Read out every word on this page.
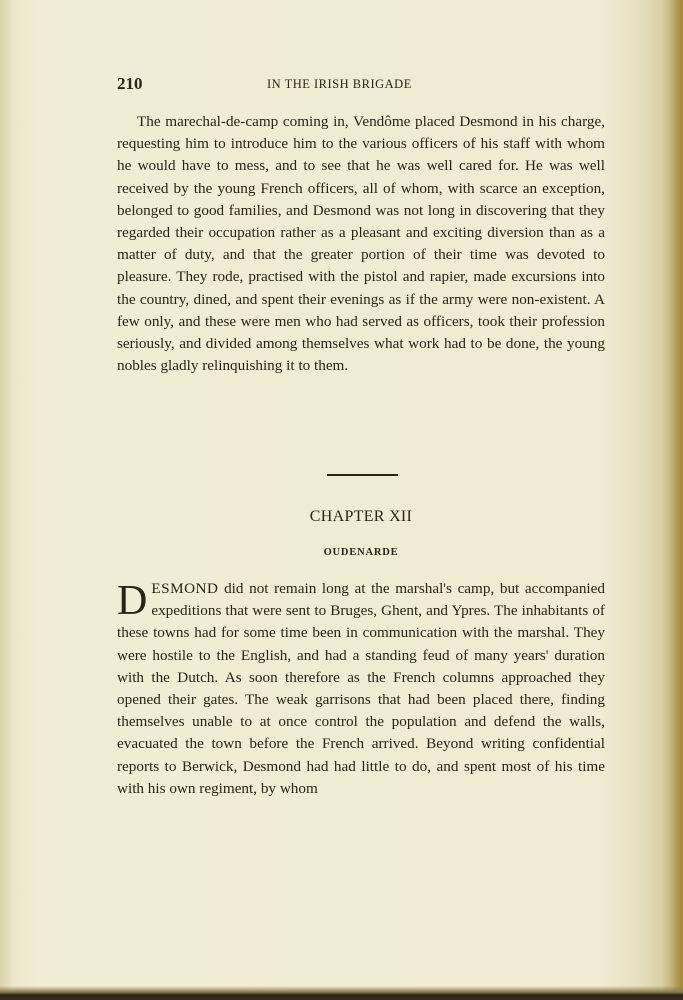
210	IN THE IRISH BRIGADE

The marechal-de-camp coming in, Vendôme placed Desmond in his charge, requesting him to introduce him to the various officers of his staff with whom he would have to mess, and to see that he was well cared for. He was well received by the young French officers, all of whom, with scarce an exception, belonged to good families, and Desmond was not long in discovering that they regarded their occupation rather as a pleasant and exciting diversion than as a matter of duty, and that the greater portion of their time was devoted to pleasure. They rode, practised with the pistol and rapier, made excursions into the country, dined, and spent their evenings as if the army were non-existent. A few only, and these were men who had served as officers, took their profession seriously, and divided among themselves what work had to be done, the young nobles gladly relinquishing it to them.

CHAPTER XII
OUDENARDE

DESMOND did not remain long at the marshal's camp, but accompanied expeditions that were sent to Bruges, Ghent, and Ypres. The inhabitants of these towns had for some time been in communication with the marshal. They were hostile to the English, and had a standing feud of many years' duration with the Dutch. As soon therefore as the French columns approached they opened their gates. The weak garrisons that had been placed there, finding themselves unable to at once control the population and defend the walls, evacuated the town before the French arrived. Beyond writing confidential reports to Berwick, Desmond had had little to do, and spent most of his time with his own regiment, by whom
